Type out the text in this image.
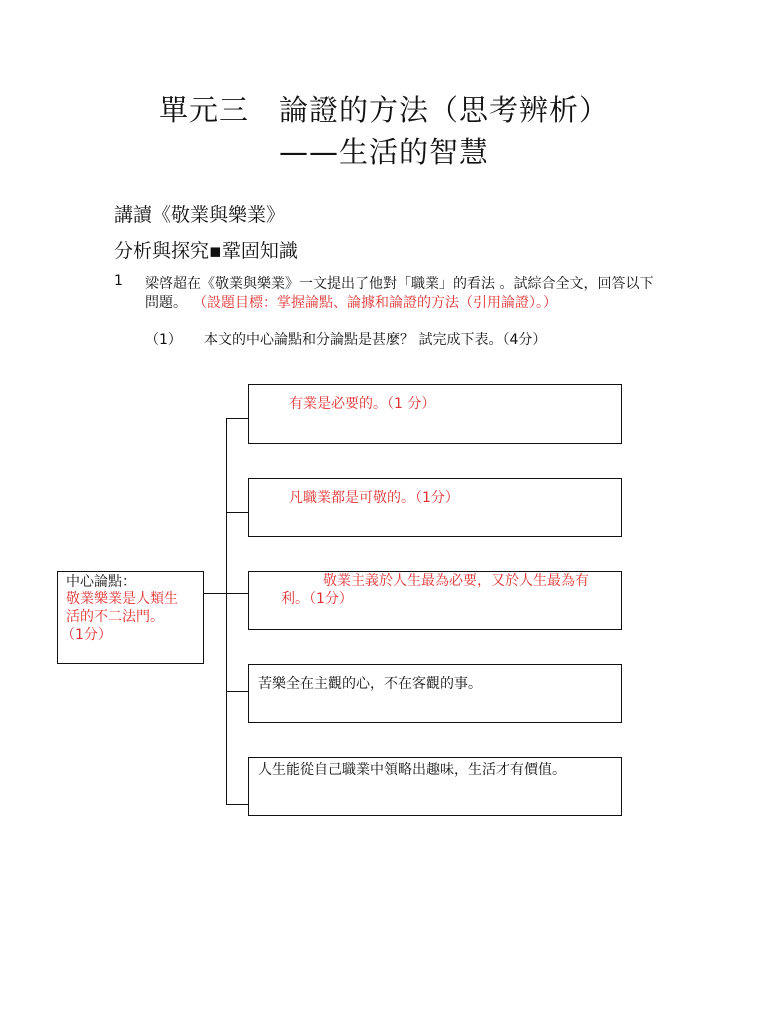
單元三　論證的方法（思考辨析）
——生活的智慧
講讀《敬業與樂業》
分析與探究▪鞏固知識
1 梁啓超在《敬業與樂業》一文提出了他對「職業」的看法 。試綜合全文，回答以下
問題。 （設題目標：掌握論點、論據和論證的方法（引用論證）。）
（1） 本文的中心論點和分論點是甚麼？ 試完成下表。（4分）
中心論點：
敬業樂業是人類生
活的不二法門。
（1分）
有業是必要的。（1 分）
凡職業都是可敬的。（1分）
敬業主義於人生最為必要，又於人生最為有
利。（1分）
苦樂全在主觀的心，不在客觀的事。
人生能從自己職業中領略出趣味，生活才有價值。
